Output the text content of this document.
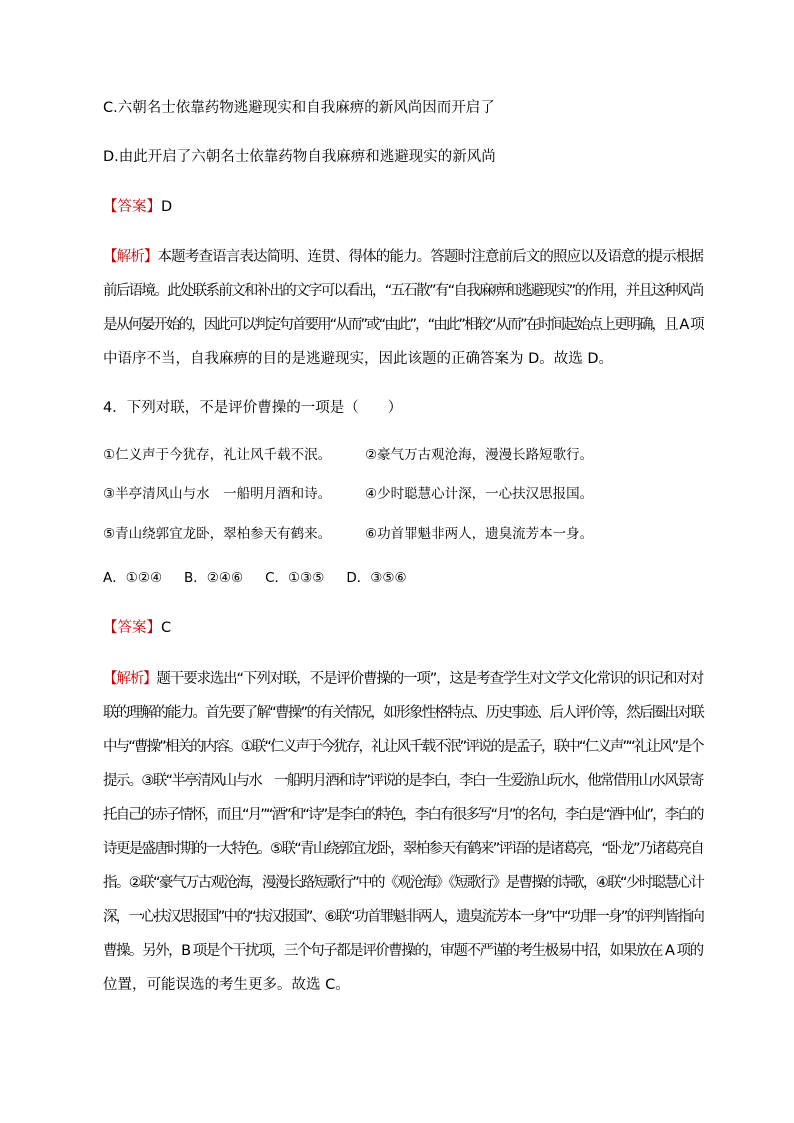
C.六朝名士依靠药物逃避现实和自我麻痹的新风尚因而开启了
D.由此开启了六朝名士依靠药物自我麻痹和逃避现实的新风尚
【答案】D
【解析】本题考查语言表达简明、连贯、得体的能力。答题时注意前后文的照应以及语意的提示根据
前后语境。此处联系前文和补出的文字可以看出，“五石散”有“自我麻痹和逃避现实”的作用，并且这种风尚
是从何晏开始的，因此可以判定句首要用“从而”或“由此”，“由此”相较“从而”在时间起始点上更明确，且 A 项
中语序不当，自我麻痹的目的是逃避现实，因此该题的正确答案为 D。故选 D。
4．下列对联，不是评价曹操的一项是（　　）
①仁义声于今犹存，礼让风千载不泯。	②豪气万古观沧海，漫漫长路短歌行。
③半亭清风山与水　一船明月酒和诗。	④少时聪慧心计深，一心扶汉思报国。
⑤青山绕郭宜龙卧，翠柏参天有鹤来。	⑥功首罪魁非两人，遗臭流芳本一身。
A．①②④ B．②④⑥ C．①③⑤ D．③⑤⑥
【答案】C
【解析】题干要求选出“下列对联，不是评价曹操的一项”，这是考查学生对文学文化常识的识记和对对
联的理解的能力。首先要了解“曹操”的有关情况，如形象性格特点、历史事迹、后人评价等，然后圈出对联
中与“曹操”相关的内容。①联“仁义声于今犹存，礼让风千载不泯”评说的是孟子，联中“仁义声”“礼让风”是个
提示。③联“半亭清风山与水　一船明月酒和诗”评说的是李白，李白一生爱游山玩水，他常借用山水风景寄
托自己的赤子情怀，而且“月”“酒”和“诗”是李白的特色，李白有很多写“月”的名句，李白是“酒中仙”，李白的
诗更是盛唐时期的一大特色。⑤联“青山绕郭宜龙卧，翠柏参天有鹤来”评语的是诸葛亮，“卧龙”乃诸葛亮自
指。②联“豪气万古观沧海，漫漫长路短歌行”中的《观沧海》《短歌行》是曹操的诗歌，④联“少时聪慧心计
深，一心扶汉思报国”中的“扶汉报国”、⑥联“功首罪魁非两人，遗臭流芳本一身”中“功罪一身”的评判皆指向
曹操。另外，B 项是个干扰项，三个句子都是评价曹操的，审题不严谨的考生极易中招，如果放在 A 项的
位置，可能误选的考生更多。故选 C。
